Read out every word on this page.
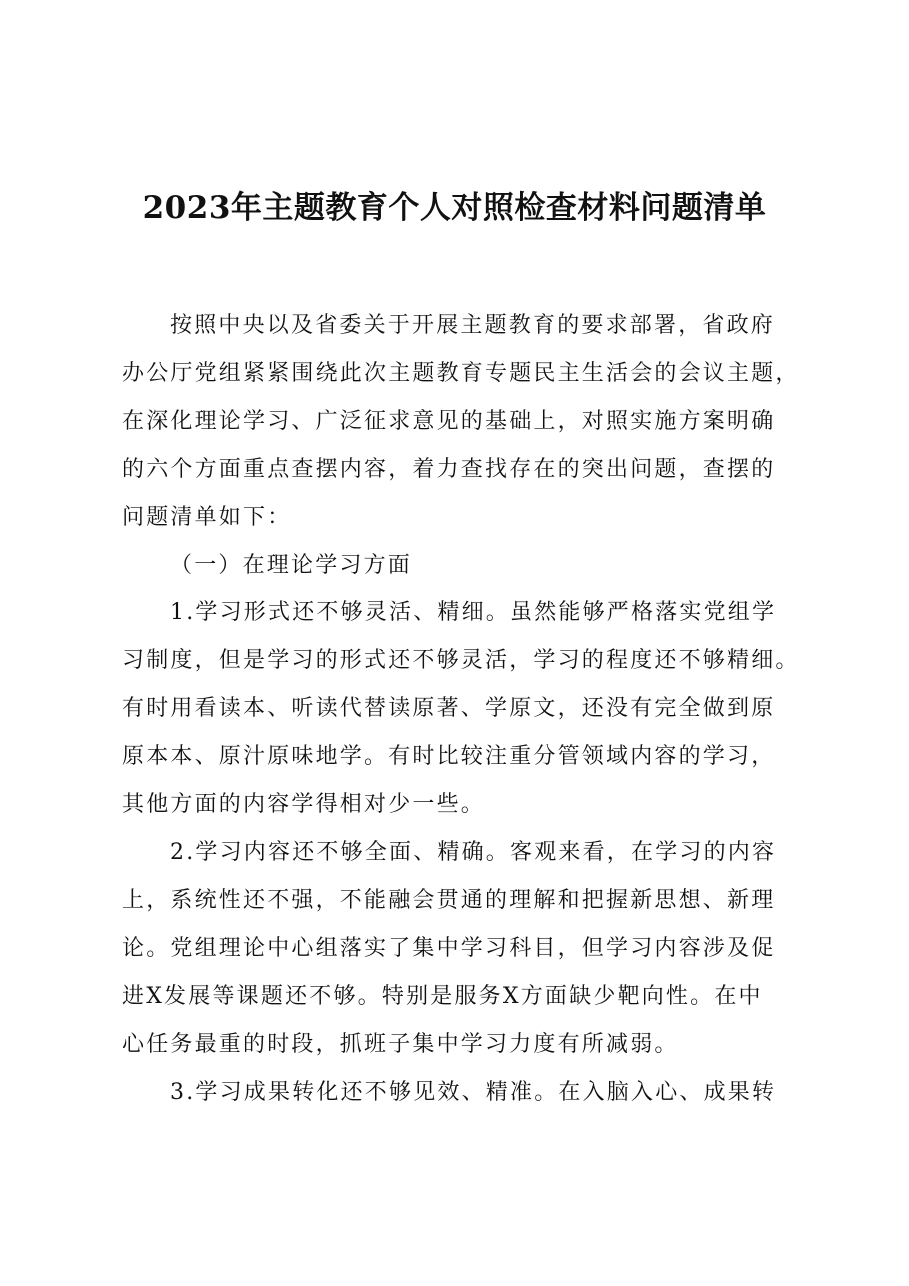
2023年主题教育个人对照检查材料问题清单
按照中央以及省委关于开展主题教育的要求部署，省政府
办公厅党组紧紧围绕此次主题教育专题民主生活会的会议主题，
在深化理论学习、广泛征求意见的基础上，对照实施方案明确
的六个方面重点查摆内容，着力查找存在的突出问题，查摆的
问题清单如下：
（一）在理论学习方面
1.学习形式还不够灵活、精细。虽然能够严格落实党组学
习制度，但是学习的形式还不够灵活，学习的程度还不够精细。
有时用看读本、听读代替读原著、学原文，还没有完全做到原
原本本、原汁原味地学。有时比较注重分管领域内容的学习，
其他方面的内容学得相对少一些。
2.学习内容还不够全面、精确。客观来看，在学习的内容
上，系统性还不强，不能融会贯通的理解和把握新思想、新理
论。党组理论中心组落实了集中学习科目，但学习内容涉及促
进X发展等课题还不够。特别是服务X方面缺少靶向性。在中
心任务最重的时段，抓班子集中学习力度有所减弱。
3.学习成果转化还不够见效、精准。在入脑入心、成果转
